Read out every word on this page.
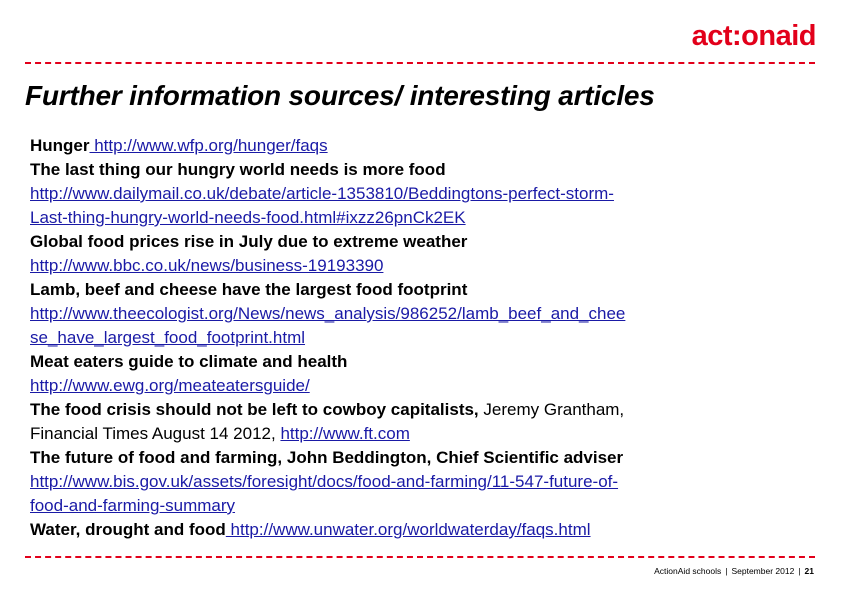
act:onaid
Further information sources/ interesting articles
Hunger http://www.wfp.org/hunger/faqs
The last thing our hungry world needs is more food
http://www.dailymail.co.uk/debate/article-1353810/Beddingtons-perfect-storm-
Last-thing-hungry-world-needs-food.html#ixzz26pnCk2EK
Global food prices rise in July due to extreme weather
http://www.bbc.co.uk/news/business-19193390
Lamb, beef and cheese have the largest food footprint
http://www.theecologist.org/News/news_analysis/986252/lamb_beef_and_chee
se_have_largest_food_footprint.html
Meat eaters guide to climate and health
http://www.ewg.org/meateatersguide/
The food crisis should not be left to cowboy capitalists, Jeremy Grantham,
Financial Times August 14 2012, http://www.ft.com
The future of food and farming, John Beddington, Chief Scientific adviser
http://www.bis.gov.uk/assets/foresight/docs/food-and-farming/11-547-future-of-
food-and-farming-summary
Water, drought and food http://www.unwater.org/worldwaterday/faqs.html
ActionAid schools | September 2012 | 21
